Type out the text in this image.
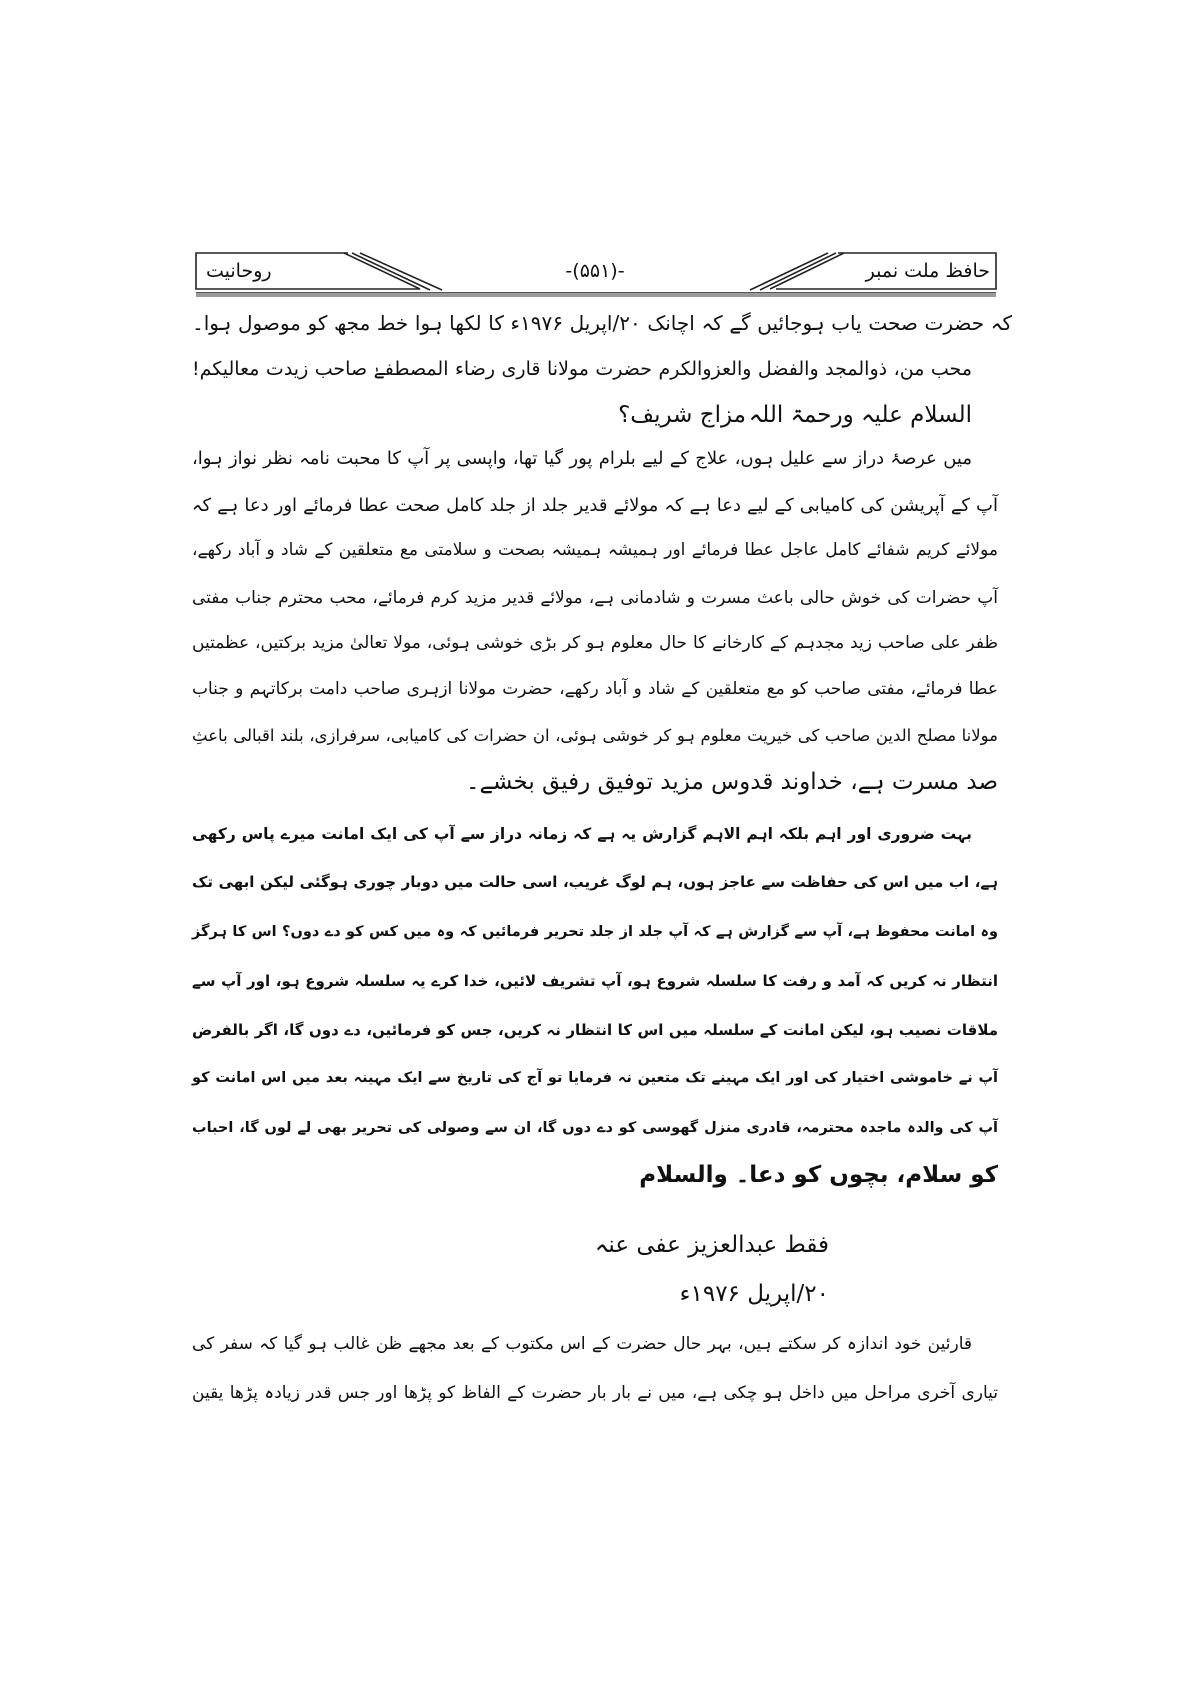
روحانیت	-(۵۵۱)-	حافظ ملت نمبر
کہ حضرت صحت یاب ہوجائیں گے کہ اچانک ۲۰/اپریل ۱۹۷۶ء کا لکھا ہوا خط مجھ کو موصول ہوا۔
محب من، ذوالمجد والفضل والعزوالکرم حضرت مولانا قاری رضاء المصطفےٰ صاحب زیدت معالیکم!
السلام علیہ ورحمۃ اللہ
مزاج شریف؟
میں عرصۂ دراز سے علیل ہوں، علاج کے لیے بلرام پور گیا تھا، واپسی پر آپ کا محبت نامہ نظر نواز ہوا،
آپ کے آپریشن کی کامیابی کے لیے دعا ہے کہ مولائے قدیر جلد از جلد کامل صحت عطا فرمائے اور دعا ہے کہ
مولائے کریم شفائے کامل عاجل عطا فرمائے اور ہمیشہ ہمیشہ بصحت و سلامتی مع متعلقین کے شاد و آباد رکھے،
آپ حضرات کی خوش حالی باعث مسرت و شادمانی ہے، مولائے قدیر مزید کرم فرمائے، محب محترم جناب مفتی
ظفر علی صاحب زید مجدہم کے کارخانے کا حال معلوم ہو کر بڑی خوشی ہوئی، مولا تعالیٰ مزید برکتیں، عظمتیں
عطا فرمائے، مفتی صاحب کو مع متعلقین کے شاد و آباد رکھے، حضرت مولانا ازہری صاحب دامت برکاتہم و جناب
مولانا مصلح الدین صاحب کی خیریت معلوم ہو کر خوشی ہوئی، ان حضرات کی کامیابی، سرفرازی، بلند اقبالی باعثِ
صد مسرت ہے، خداوند قدوس مزید توفیق رفیق بخشے۔
بہت ضروری اور اہم بلکہ اہم الاہم گزارش یہ ہے کہ زمانہ دراز سے آپ کی ایک امانت میرے پاس رکھی
ہے، اب میں اس کی حفاظت سے عاجز ہوں، ہم لوگ غریب، اسی حالت میں دوبار چوری ہوگئی لیکن ابھی تک
وہ امانت محفوظ ہے، آپ سے گزارش ہے کہ آپ جلد از جلد تحریر فرمائیں کہ وہ میں کس کو دے دوں؟ اس کا ہرگز
انتظار نہ کریں کہ آمد و رفت کا سلسلہ شروع ہو، آپ تشریف لائیں، خدا کرے یہ سلسلہ شروع ہو، اور آپ سے
ملاقات نصیب ہو، لیکن امانت کے سلسلہ میں اس کا انتظار نہ کریں، جس کو فرمائیں، دے دوں گا، اگر بالفرض
آپ نے خاموشی اختیار کی اور ایک مہینے تک متعین نہ فرمایا تو آج کی تاریخ سے ایک مہینہ بعد میں اس امانت کو
آپ کی والدہ ماجدہ محترمہ، قادری منزل گھوسی کو دے دوں گا، ان سے وصولی کی تحریر بھی لے لوں گا، احباب
کو سلام، بچوں کو دعا۔ والسلام
فقط عبدالعزیز عفی عنہ
۲۰/اپریل ۱۹۷۶ء
قارئین خود اندازہ کر سکتے ہیں، بہر حال حضرت کے اس مکتوب کے بعد مجھے ظن غالب ہو گیا کہ سفر کی
تیاری آخری مراحل میں داخل ہو چکی ہے، میں نے بار بار حضرت کے الفاظ کو پڑھا اور جس قدر زیادہ پڑھا یقین
